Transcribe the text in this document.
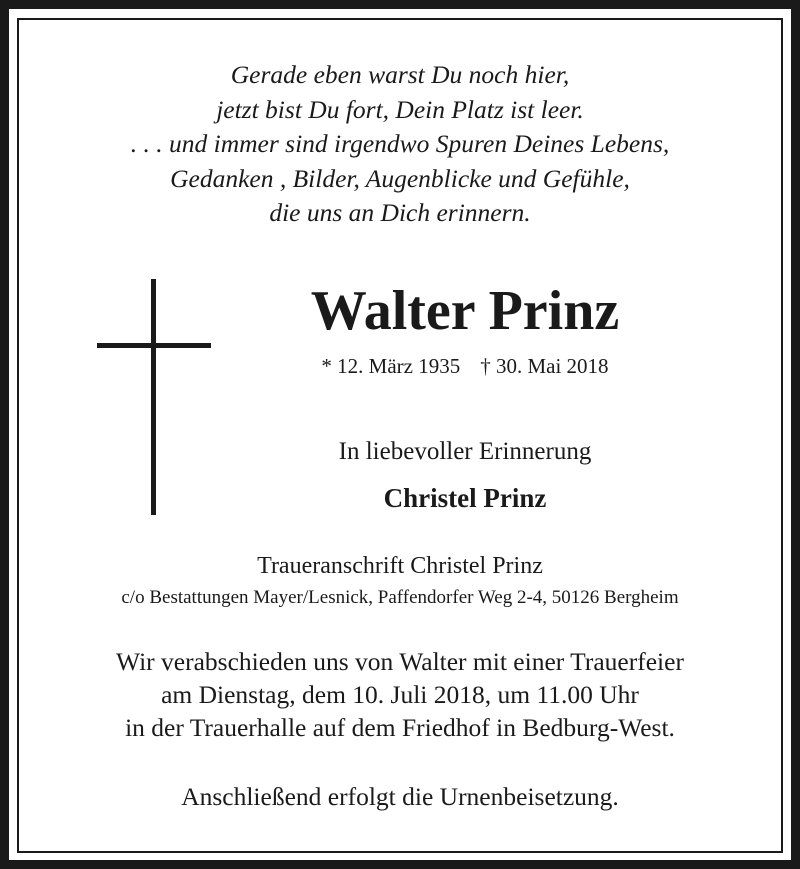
Gerade eben warst Du noch hier,
jetzt bist Du fort, Dein Platz ist leer.
. . . und immer sind irgendwo Spuren Deines Lebens,
Gedanken , Bilder, Augenblicke und Gefühle,
die uns an Dich erinnern.
Walter Prinz
* 12. März 1935 † 30. Mai 2018
In liebevoller Erinnerung
Christel Prinz
Traueranschrift Christel Prinz
c/o Bestattungen Mayer/Lesnick, Paffendorfer Weg 2-4, 50126 Bergheim
Wir verabschieden uns von Walter mit einer Trauerfeier
am Dienstag, dem 10. Juli 2018, um 11.00 Uhr
in der Trauerhalle auf dem Friedhof in Bedburg-West.
Anschließend erfolgt die Urnenbeisetzung.
